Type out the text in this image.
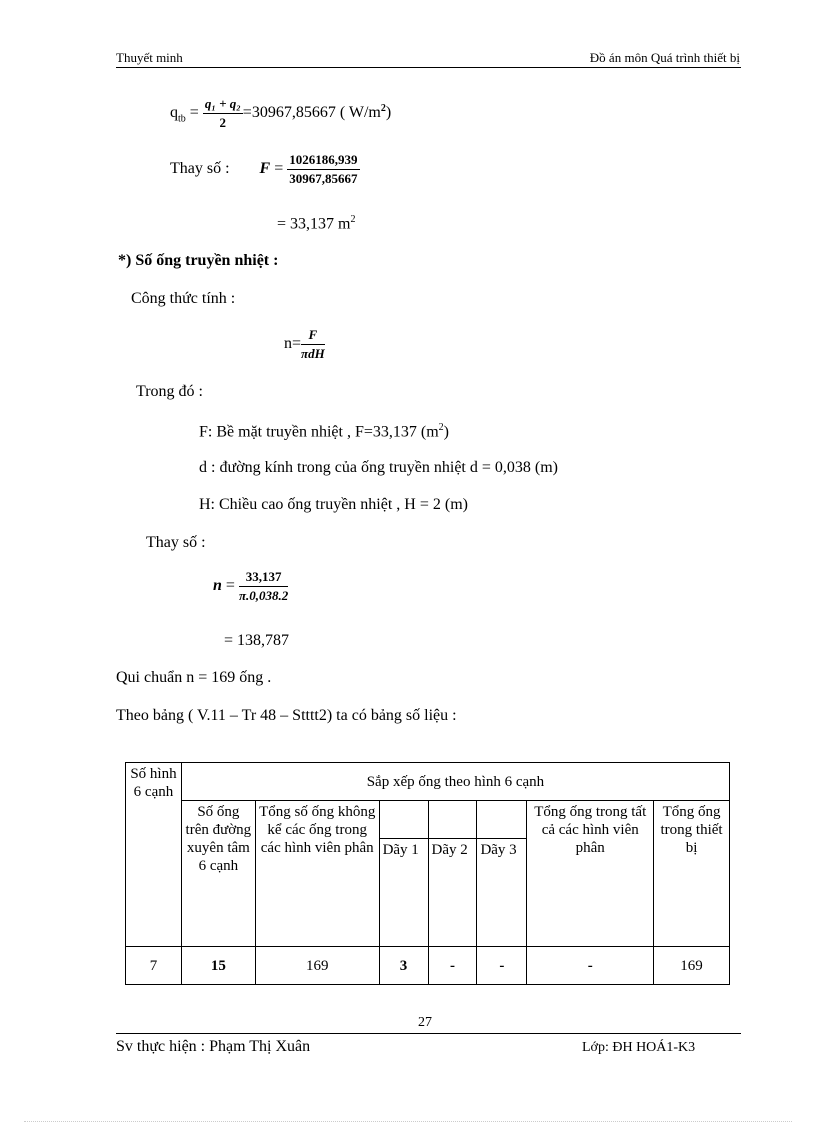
Thuyết minh	Đồ án môn Quá trình thiết bị
$q_{tb} = \frac{\text{q₁ + q₂}}{2} =30967,85667$ ( $W/m^2$)
Thay số : $F = \frac{1026186,939}{30967,85667}$
= 33,137 $m^2$
*) Số ống truyền nhiệt :
Công thức tính :
$n= \frac{F}{\text{πdH}}$
Trong đó :
F: Bề mặt truyền nhiệt , F=33,137 $(m^2)$
d : đường kính trong của ống truyền nhiệt d = 0,038 (m)
H: Chiều cao ống truyền nhiệt , H = 2 (m)
Thay số :
$n = \frac{33,137}{\pi.0,038.2}$
= 138,787
Qui chuẩn n = 169 ống .
Theo bảng ( V.11 – Tr 48 – Stttt2) ta có bảng số liệu :
Số hình 6 cạnh	Sắp xếp ống theo hình 6 cạnh						
	Số ống trên đường xuyên tâm 6 cạnh	Tổng số ống không kể các ống trong các hình viên phân				Tổng ống trong tất cả các hình viên phân	Tổng ống trong thiết bị
			Dãy 1	Dãy 2	Dãy 3		

7	15	169	3	-	-	-	169
27
Sv thực hiện : Phạm Thị Xuân	Lớp: ĐH HOÁ1-K3
